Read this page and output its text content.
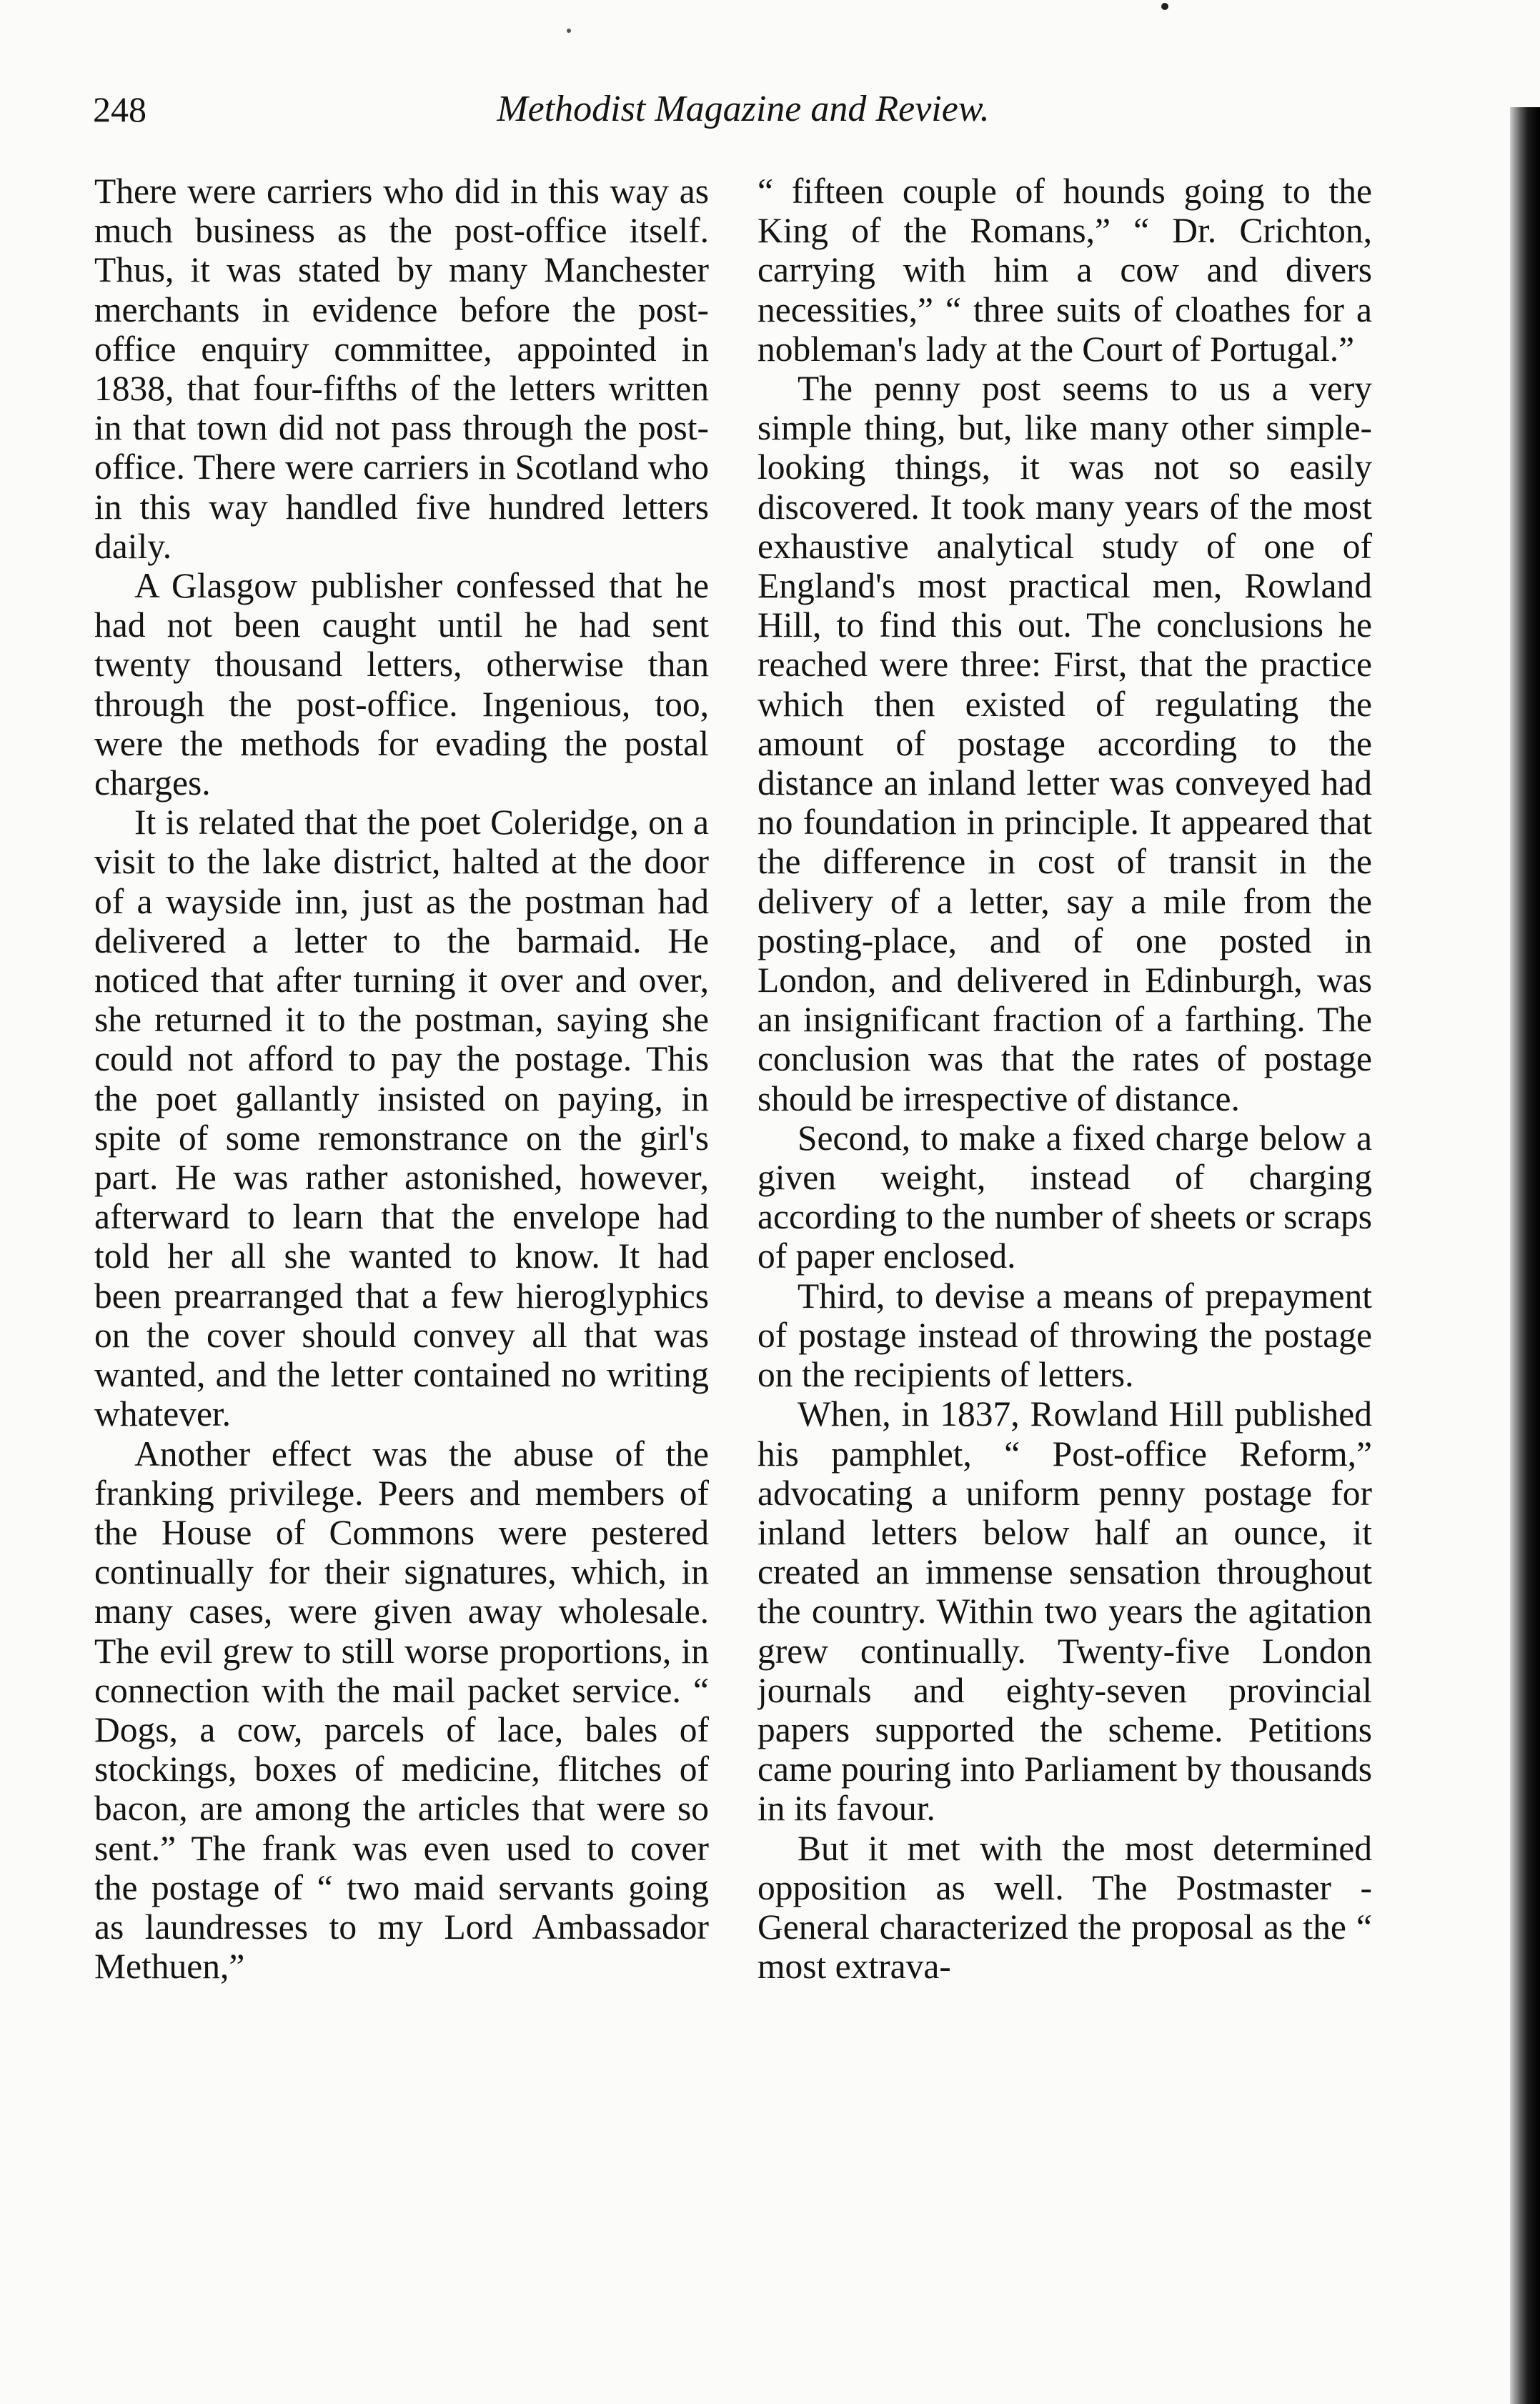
248	Methodist Magazine and Review.

There were carriers who did in this way as much business as the post-office itself. Thus, it was stated by many Manchester merchants in evidence before the post-office enquiry committee, appointed in 1838, that four-fifths of the letters written in that town did not pass through the post-office. There were carriers in Scotland who in this way handled five hundred letters daily.

A Glasgow publisher confessed that he had not been caught until he had sent twenty thousand letters, otherwise than through the post-office. Ingenious, too, were the methods for evading the postal charges.

It is related that the poet Coleridge, on a visit to the lake district, halted at the door of a wayside inn, just as the postman had delivered a letter to the barmaid. He noticed that after turning it over and over, she returned it to the postman, saying she could not afford to pay the postage. This the poet gallantly insisted on paying, in spite of some remonstrance on the girl's part. He was rather astonished, however, afterward to learn that the envelope had told her all she wanted to know. It had been prearranged that a few hieroglyphics on the cover should convey all that was wanted, and the letter contained no writing whatever.

Another effect was the abuse of the franking privilege. Peers and members of the House of Commons were pestered continually for their signatures, which, in many cases, were given away wholesale. The evil grew to still worse proportions, in connection with the mail packet service. “ Dogs, a cow, parcels of lace, bales of stockings, boxes of medicine, flitches of bacon, are among the articles that were so sent.” The frank was even used to cover the postage of “ two maid servants going as laundresses to my Lord Ambassador Methuen,”

“ fifteen couple of hounds going to the King of the Romans,” “ Dr. Crichton, carrying with him a cow and divers necessities,” “ three suits of cloathes for a nobleman's lady at the Court of Portugal.”

The penny post seems to us a very simple thing, but, like many other simple-looking things, it was not so easily discovered. It took many years of the most exhaustive analytical study of one of England's most practical men, Rowland Hill, to find this out. The conclusions he reached were three: First, that the practice which then existed of regulating the amount of postage according to the distance an inland letter was conveyed had no foundation in principle. It appeared that the difference in cost of transit in the delivery of a letter, say a mile from the posting-place, and of one posted in London, and delivered in Edinburgh, was an insignificant fraction of a farthing. The conclusion was that the rates of postage should be irrespective of distance.

Second, to make a fixed charge below a given weight, instead of charging according to the number of sheets or scraps of paper enclosed.

Third, to devise a means of prepayment of postage instead of throwing the postage on the recipients of letters.

When, in 1837, Rowland Hill published his pamphlet, “ Post-office Reform,” advocating a uniform penny postage for inland letters below half an ounce, it created an immense sensation throughout the country. Within two years the agitation grew continually. Twenty-five London journals and eighty-seven provincial papers supported the scheme. Petitions came pouring into Parliament by thousands in its favour.

But it met with the most determined opposition as well. The Postmaster - General characterized the proposal as the “ most extrava-
